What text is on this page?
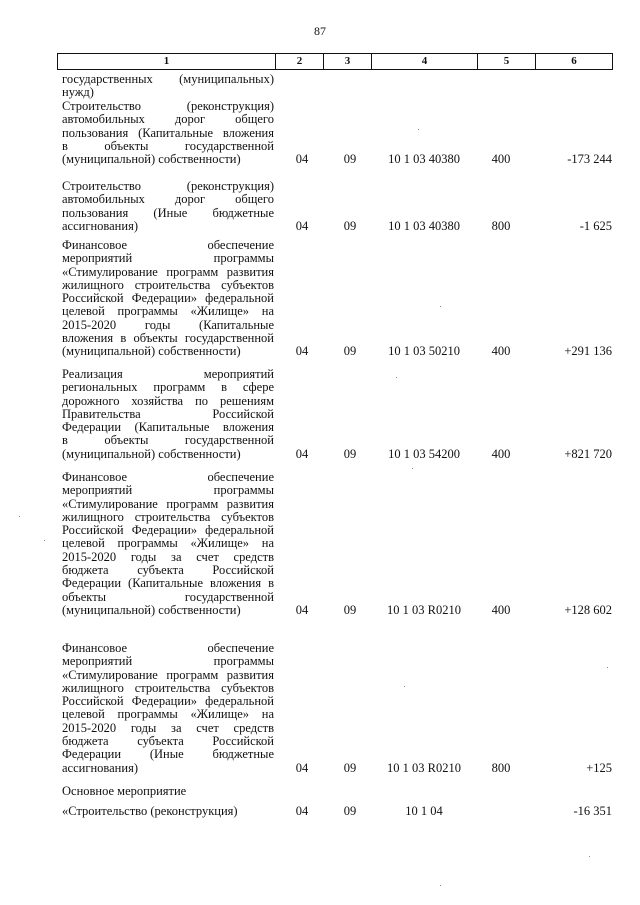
87
1	2	3	4	5	6
государственных (муниципальных)
нужд)
Строительство (реконструкция)
автомобильных дорог общего
пользования (Капитальные вложения
в объекты государственной
(муниципальной) собственности)	04	09	10 1 03 40380	400	-173 244
Строительство (реконструкция)
автомобильных дорог общего
пользования (Иные бюджетные
ассигнования)	04	09	10 1 03 40380	800	-1 625
Финансовое обеспечение
мероприятий программы
«Стимулирование программ развития
жилищного строительства субъектов
Российской Федерации» федеральной
целевой программы «Жилище» на
2015-2020 годы (Капитальные
вложения в объекты государственной
(муниципальной) собственности)	04	09	10 1 03 50210	400	+291 136
Реализация мероприятий
региональных программ в сфере
дорожного хозяйства по решениям
Правительства Российской
Федерации (Капитальные вложения
в объекты государственной
(муниципальной) собственности)	04	09	10 1 03 54200	400	+821 720
Финансовое обеспечение
мероприятий программы
«Стимулирование программ развития
жилищного строительства субъектов
Российской Федерации» федеральной
целевой программы «Жилище» на
2015-2020 годы за счет средств
бюджета субъекта Российской
Федерации (Капитальные вложения в
объекты государственной
(муниципальной) собственности)	04	09	10 1 03 R0210	400	+128 602
Финансовое обеспечение
мероприятий программы
«Стимулирование программ развития
жилищного строительства субъектов
Российской Федерации» федеральной
целевой программы «Жилище» на
2015-2020 годы за счет средств
бюджета субъекта Российской
Федерации (Иные бюджетные
ассигнования)	04	09	10 1 03 R0210	800	+125
Основное мероприятие
«Строительство (реконструкция)	04	09	10 1 04	-16 351
